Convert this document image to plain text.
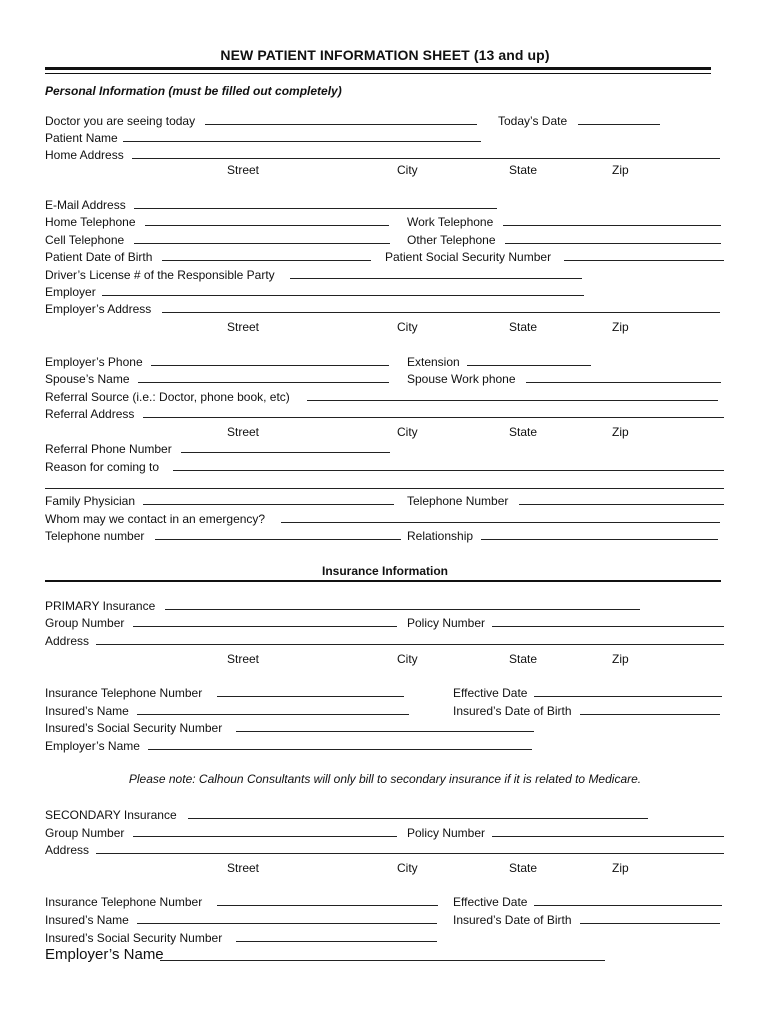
NEW PATIENT INFORMATION SHEET (13 and up)
Personal Information (must be filled out completely)
Doctor you are seeing today	Today’s Date
Patient Name
Home Address
Street	City	State	Zip
E-Mail Address
Home Telephone	Work Telephone
Cell Telephone	Other Telephone
Patient Date of Birth	Patient Social Security Number
Driver’s License # of the Responsible Party
Employer
Employer’s Address
Street	City	State	Zip
Employer’s Phone	Extension
Spouse’s Name	Spouse Work phone
Referral Source (i.e.: Doctor, phone book, etc)
Referral Address
Street	City	State	Zip
Referral Phone Number
Reason for coming to
Family Physician	Telephone Number
Whom may we contact in an emergency?
Telephone number	Relationship
Insurance Information
PRIMARY Insurance
Group Number	Policy Number
Address
Street	City	State	Zip
Insurance Telephone Number	Effective Date
Insured’s Name	Insured’s Date of Birth
Insured’s Social Security Number
Employer’s Name
Please note: Calhoun Consultants will only bill to secondary insurance if it is related to Medicare.
SECONDARY Insurance
Group Number	Policy Number
Address
Street	City	State	Zip
Insurance Telephone Number	Effective Date
Insured’s Name	Insured’s Date of Birth
Insured’s Social Security Number
Employer’s Name
